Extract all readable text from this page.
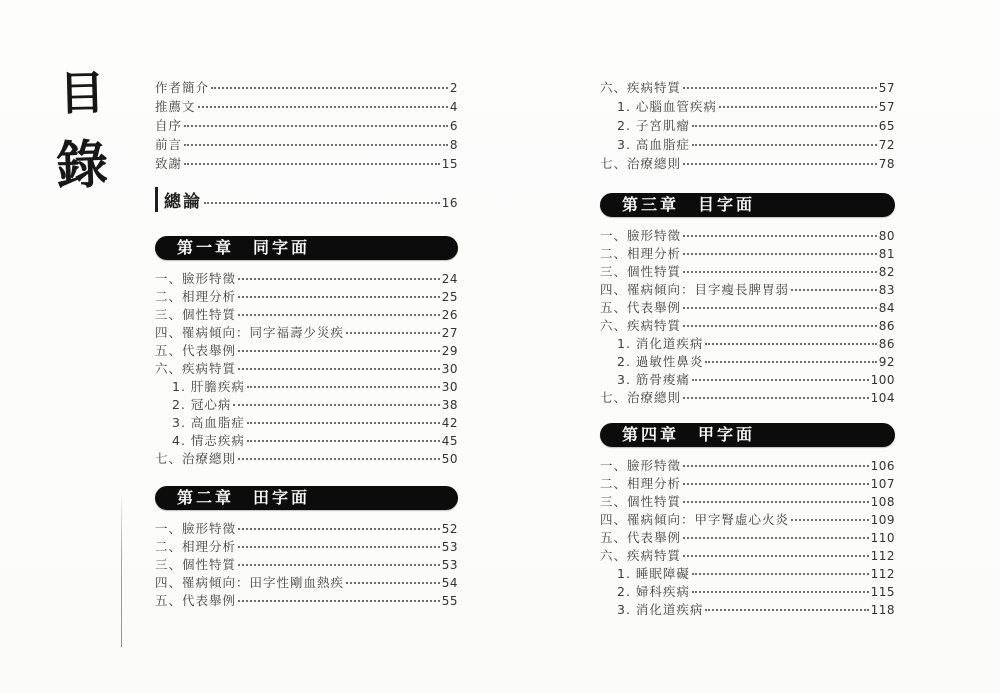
目
錄
作者簡介	2
推薦文	4
自序	6
前言	8
致謝	15
總論	16
第一章　同字面
一、臉形特徵	24
二、相理分析	25
三、個性特質	26
四、罹病傾向：同字福壽少災疾	27
五、代表舉例	29
六、疾病特質	30
1. 肝膽疾病	30
2. 冠心病	38
3. 高血脂症	42
4. 情志疾病	45
七、治療總則	50
第二章　田字面
一、臉形特徵	52
二、相理分析	53
三、個性特質	53
四、罹病傾向：田字性剛血熱疾	54
五、代表舉例	55
六、疾病特質	57
1. 心腦血管疾病	57
2. 子宮肌瘤	65
3. 高血脂症	72
七、治療總則	78
第三章　目字面
一、臉形特徵	80
二、相理分析	81
三、個性特質	82
四、罹病傾向：目字瘦長脾胃弱	83
五、代表舉例	84
六、疾病特質	86
1. 消化道疾病	86
2. 過敏性鼻炎	92
3. 筋骨痠痛	100
七、治療總則	104
第四章　甲字面
一、臉形特徵	106
二、相理分析	107
三、個性特質	108
四、罹病傾向：甲字腎虛心火炎	109
五、代表舉例	110
六、疾病特質	112
1. 睡眠障礙	112
2. 婦科疾病	115
3. 消化道疾病	118
